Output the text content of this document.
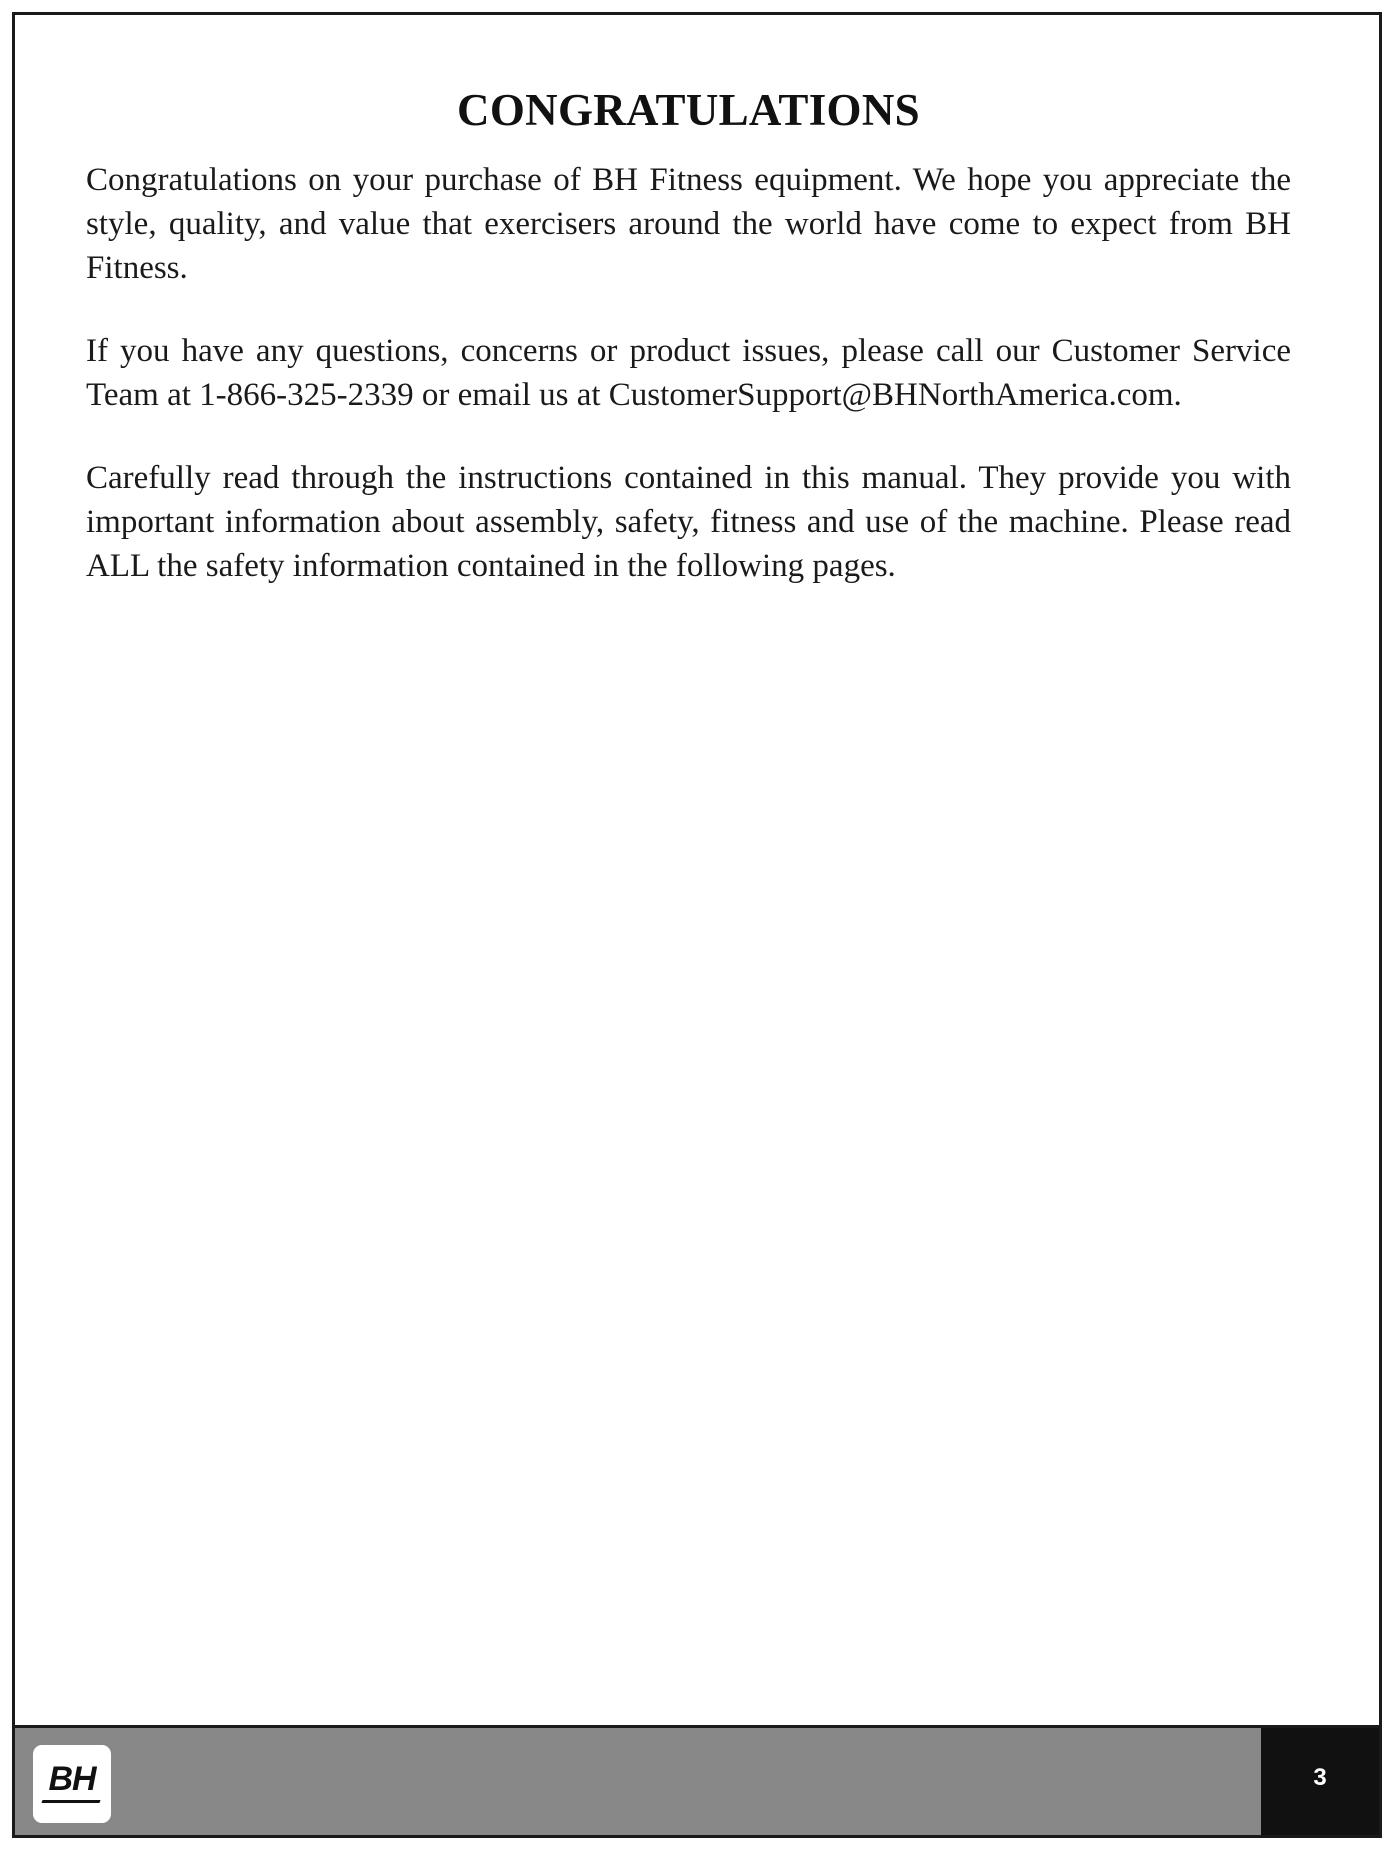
CONGRATULATIONS

Congratulations on your purchase of BH Fitness equipment. We hope you appreciate the style, quality, and value that exercisers around the world have come to expect from BH Fitness.

If you have any questions, concerns or product issues, please call our Customer Service Team at 1-866-325-2339 or email us at CustomerSupport@BHNorthAmerica.com.

Carefully read through the instructions contained in this manual. They provide you with important information about assembly, safety, fitness and use of the machine. Please read ALL the safety information contained in the following pages.

BH	3
